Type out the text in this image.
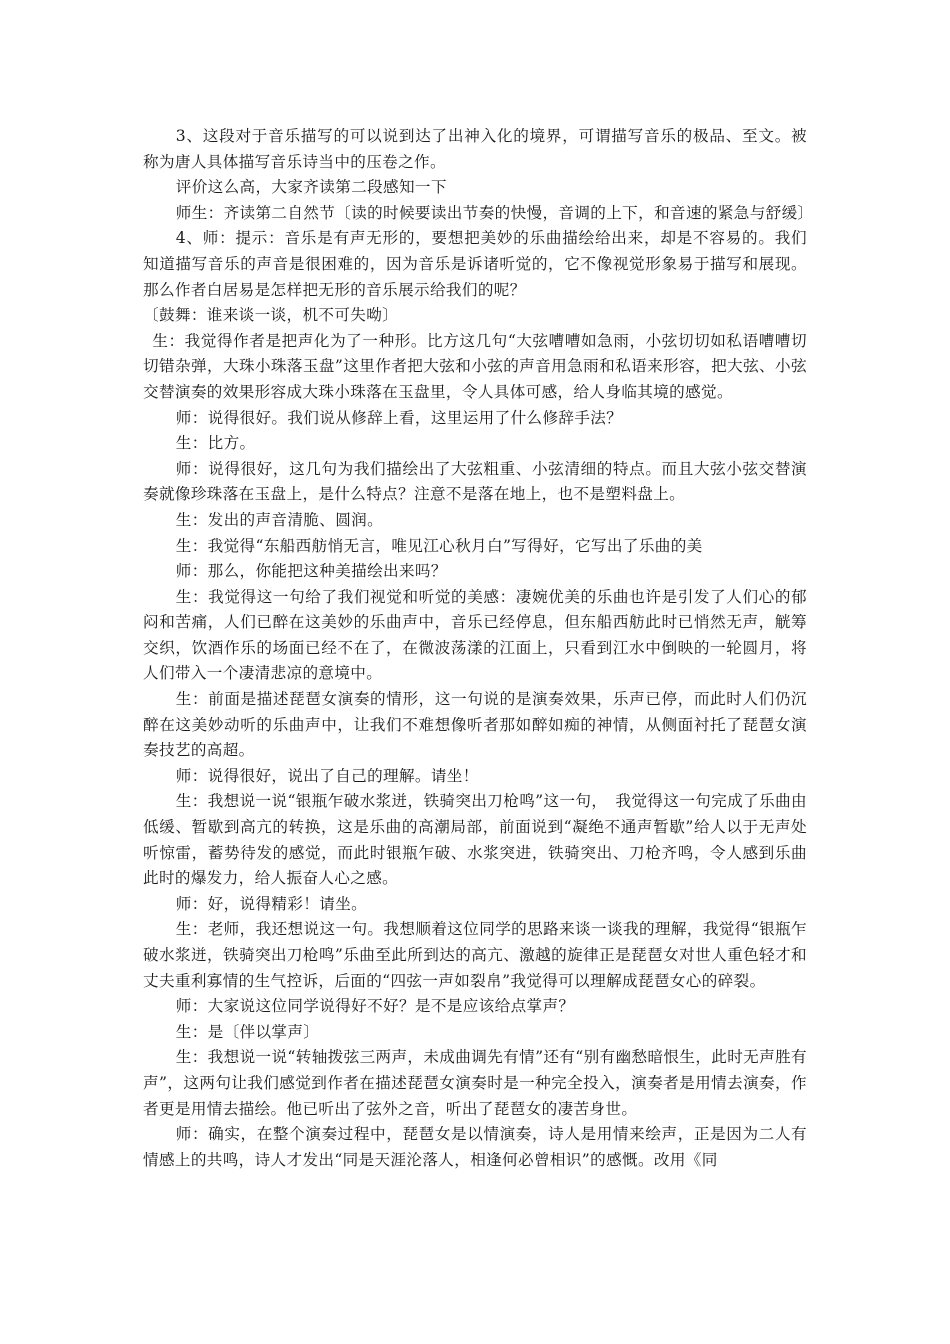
3、这段对于音乐描写的可以说到达了出神入化的境界，可谓描写音乐的极品、至文。被称为唐人具体描写音乐诗当中的压卷之作。

评价这么高，大家齐读第二段感知一下

师生：齐读第二自然节〔读的时候要读出节奏的快慢，音调的上下，和音速的紧急与舒缓〕

4、师：提示：音乐是有声无形的，要想把美妙的乐曲描绘给出来，却是不容易的。我们知道描写音乐的声音是很困难的，因为音乐是诉诸听觉的，它不像视觉形象易于描写和展现。那么作者白居易是怎样把无形的音乐展示给我们的呢？

〔鼓舞：谁来谈一谈，机不可失呦〕

生：我觉得作者是把声化为了一种形。比方这几句“大弦嘈嘈如急雨，小弦切切如私语嘈嘈切切错杂弹，大珠小珠落玉盘”这里作者把大弦和小弦的声音用急雨和私语来形容，把大弦、小弦交替演奏的效果形容成大珠小珠落在玉盘里，令人具体可感，给人身临其境的感觉。

师：说得很好。我们说从修辞上看，这里运用了什么修辞手法？

生：比方。

师：说得很好，这几句为我们描绘出了大弦粗重、小弦清细的特点。而且大弦小弦交替演奏就像珍珠落在玉盘上，是什么特点？注意不是落在地上，也不是塑料盘上。

生：发出的声音清脆、圆润。

生：我觉得“东船西舫悄无言，唯见江心秋月白”写得好，它写出了乐曲的美

师：那么，你能把这种美描绘出来吗？

生：我觉得这一句给了我们视觉和听觉的美感：凄婉优美的乐曲也许是引发了人们心的郁闷和苦痛，人们已醉在这美妙的乐曲声中，音乐已经停息，但东船西舫此时已悄然无声，觥筹交织，饮酒作乐的场面已经不在了，在微波荡漾的江面上，只看到江水中倒映的一轮圆月，将人们带入一个凄清悲凉的意境中。

生：前面是描述琵琶女演奏的情形，这一句说的是演奏效果，乐声已停，而此时人们仍沉醉在这美妙动听的乐曲声中，让我们不难想像听者那如醉如痴的神情，从侧面衬托了琵琶女演奏技艺的高超。

师：说得很好，说出了自己的理解。请坐！

生：我想说一说“银瓶乍破水浆迸，铁骑突出刀枪鸣”这一句，　我觉得这一句完成了乐曲由低缓、暂歇到高亢的转换，这是乐曲的高潮局部，前面说到“凝绝不通声暂歇”给人以于无声处听惊雷，蓄势待发的感觉，而此时银瓶乍破、水浆突进，铁骑突出、刀枪齐鸣，令人感到乐曲此时的爆发力，给人振奋人心之感。

师：好，说得精彩！请坐。

生：老师，我还想说这一句。我想顺着这位同学的思路来谈一谈我的理解，我觉得“银瓶乍破水浆迸，铁骑突出刀枪鸣”乐曲至此所到达的高亢、激越的旋律正是琵琶女对世人重色轻才和丈夫重利寡情的生气控诉，后面的“四弦一声如裂帛”我觉得可以理解成琵琶女心的碎裂。

师：大家说这位同学说得好不好？是不是应该给点掌声？

生：是〔伴以掌声〕

生：我想说一说“转轴拨弦三两声，未成曲调先有情”还有“别有幽愁暗恨生，此时无声胜有声”，这两句让我们感觉到作者在描述琵琶女演奏时是一种完全投入，演奏者是用情去演奏，作者更是用情去描绘。他已听出了弦外之音，听出了琵琶女的凄苦身世。

师：确实，在整个演奏过程中，琵琶女是以情演奏，诗人是用情来绘声，正是因为二人有情感上的共鸣，诗人才发出“同是天涯沦落人，相逢何必曾相识”的感慨。改用《同
